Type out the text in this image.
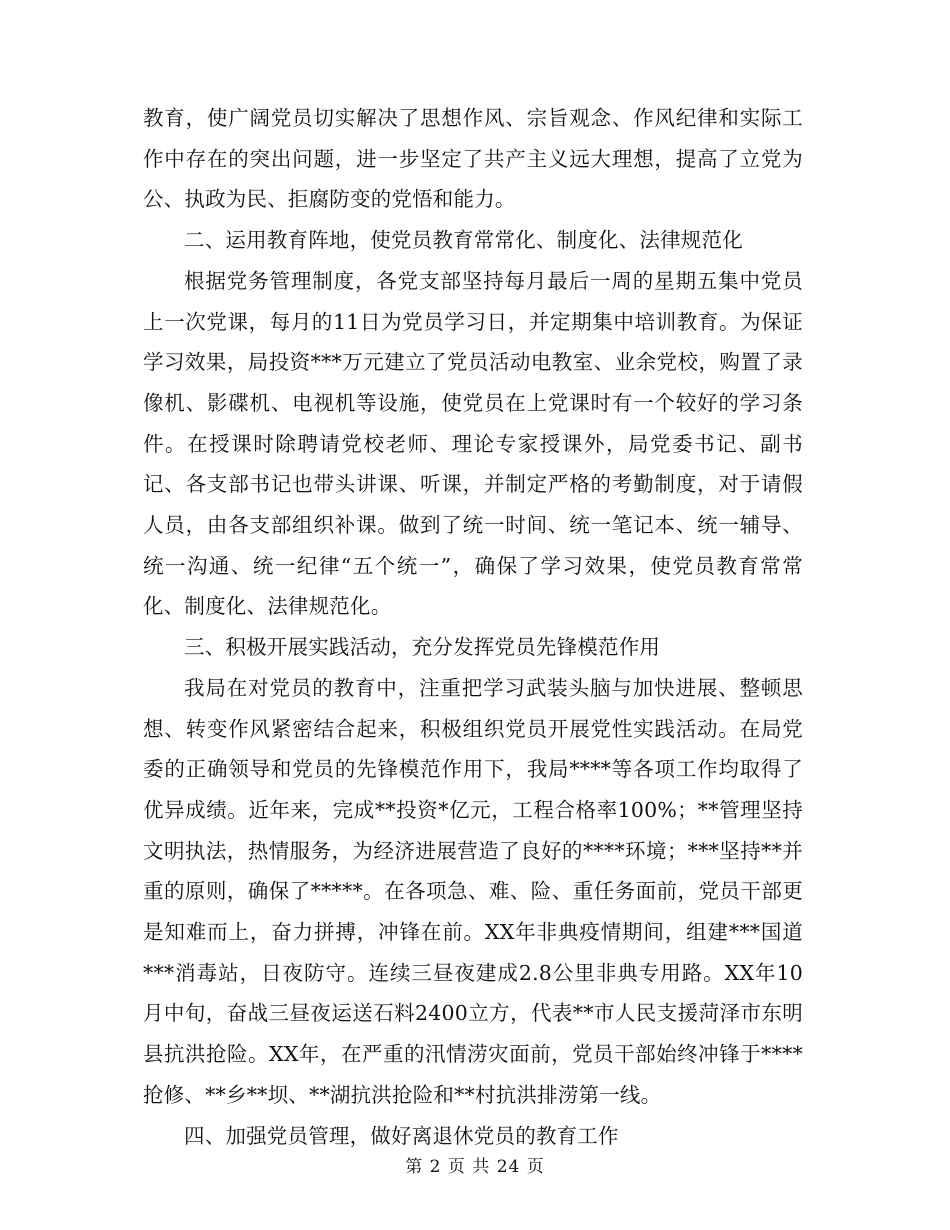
教育，使广阔党员切实解决了思想作风、宗旨观念、作风纪律和实际工作中存在的突出问题，进一步坚定了共产主义远大理想，提高了立党为公、执政为民、拒腐防变的党悟和能力。

二、运用教育阵地，使党员教育常常化、制度化、法律规范化

根据党务管理制度，各党支部坚持每月最后一周的星期五集中党员上一次党课，每月的11日为党员学习日，并定期集中培训教育。为保证学习效果，局投资***万元建立了党员活动电教室、业余党校，购置了录像机、影碟机、电视机等设施，使党员在上党课时有一个较好的学习条件。在授课时除聘请党校老师、理论专家授课外，局党委书记、副书记、各支部书记也带头讲课、听课，并制定严格的考勤制度，对于请假人员，由各支部组织补课。做到了统一时间、统一笔记本、统一辅导、统一沟通、统一纪律“五个统一”，确保了学习效果，使党员教育常常化、制度化、法律规范化。

三、积极开展实践活动，充分发挥党员先锋模范作用

我局在对党员的教育中，注重把学习武装头脑与加快进展、整顿思想、转变作风紧密结合起来，积极组织党员开展党性实践活动。在局党委的正确领导和党员的先锋模范作用下，我局****等各项工作均取得了优异成绩。近年来，完成**投资*亿元，工程合格率100%；**管理坚持文明执法，热情服务，为经济进展营造了良好的****环境；***坚持**并重的原则，确保了*****。在各项急、难、险、重任务面前，党员干部更是知难而上，奋力拼搏，冲锋在前。XX年非典疫情期间，组建***国道***消毒站，日夜防守。连续三昼夜建成2.8公里非典专用路。XX年10 月中旬，奋战三昼夜运送石料2400立方，代表**市人民支援菏泽市东明县抗洪抢险。XX年，在严重的汛情涝灾面前，党员干部始终冲锋于****抢修、**乡**坝、**湖抗洪抢险和**村抗洪排涝第一线。

四、加强党员管理，做好离退休党员的教育工作

第 2 页 共 24 页
